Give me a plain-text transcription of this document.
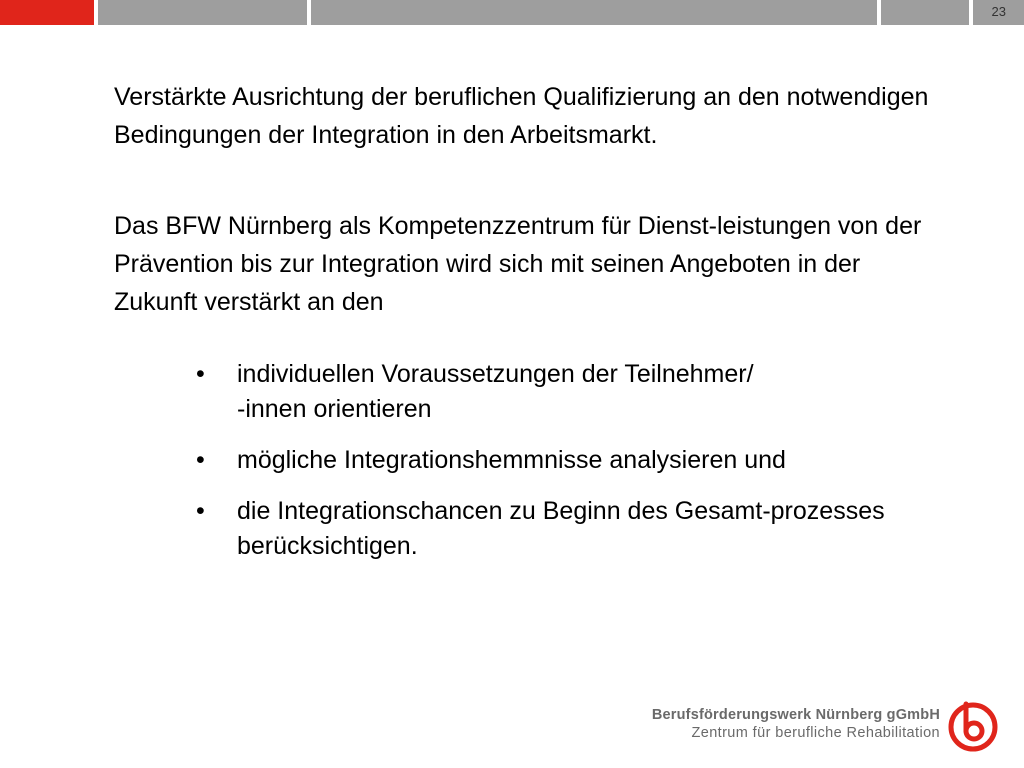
23

Verstärkte Ausrichtung der beruflichen Qualifizierung an den notwendigen Bedingungen der Integration in den Arbeitsmarkt.

Das BFW Nürnberg als Kompetenzzentrum für Dienst-leistungen von der Prävention bis zur Integration wird sich mit seinen Angeboten in der Zukunft verstärkt an den

• individuellen Voraussetzungen der Teilnehmer/
-innen orientieren
• mögliche Integrationshemmnisse analysieren und
• die Integrationschancen zu Beginn des Gesamt-prozesses berücksichtigen.
Berufsförderungswerk Nürnberg gGmbH
Zentrum für berufliche Rehabilitation
